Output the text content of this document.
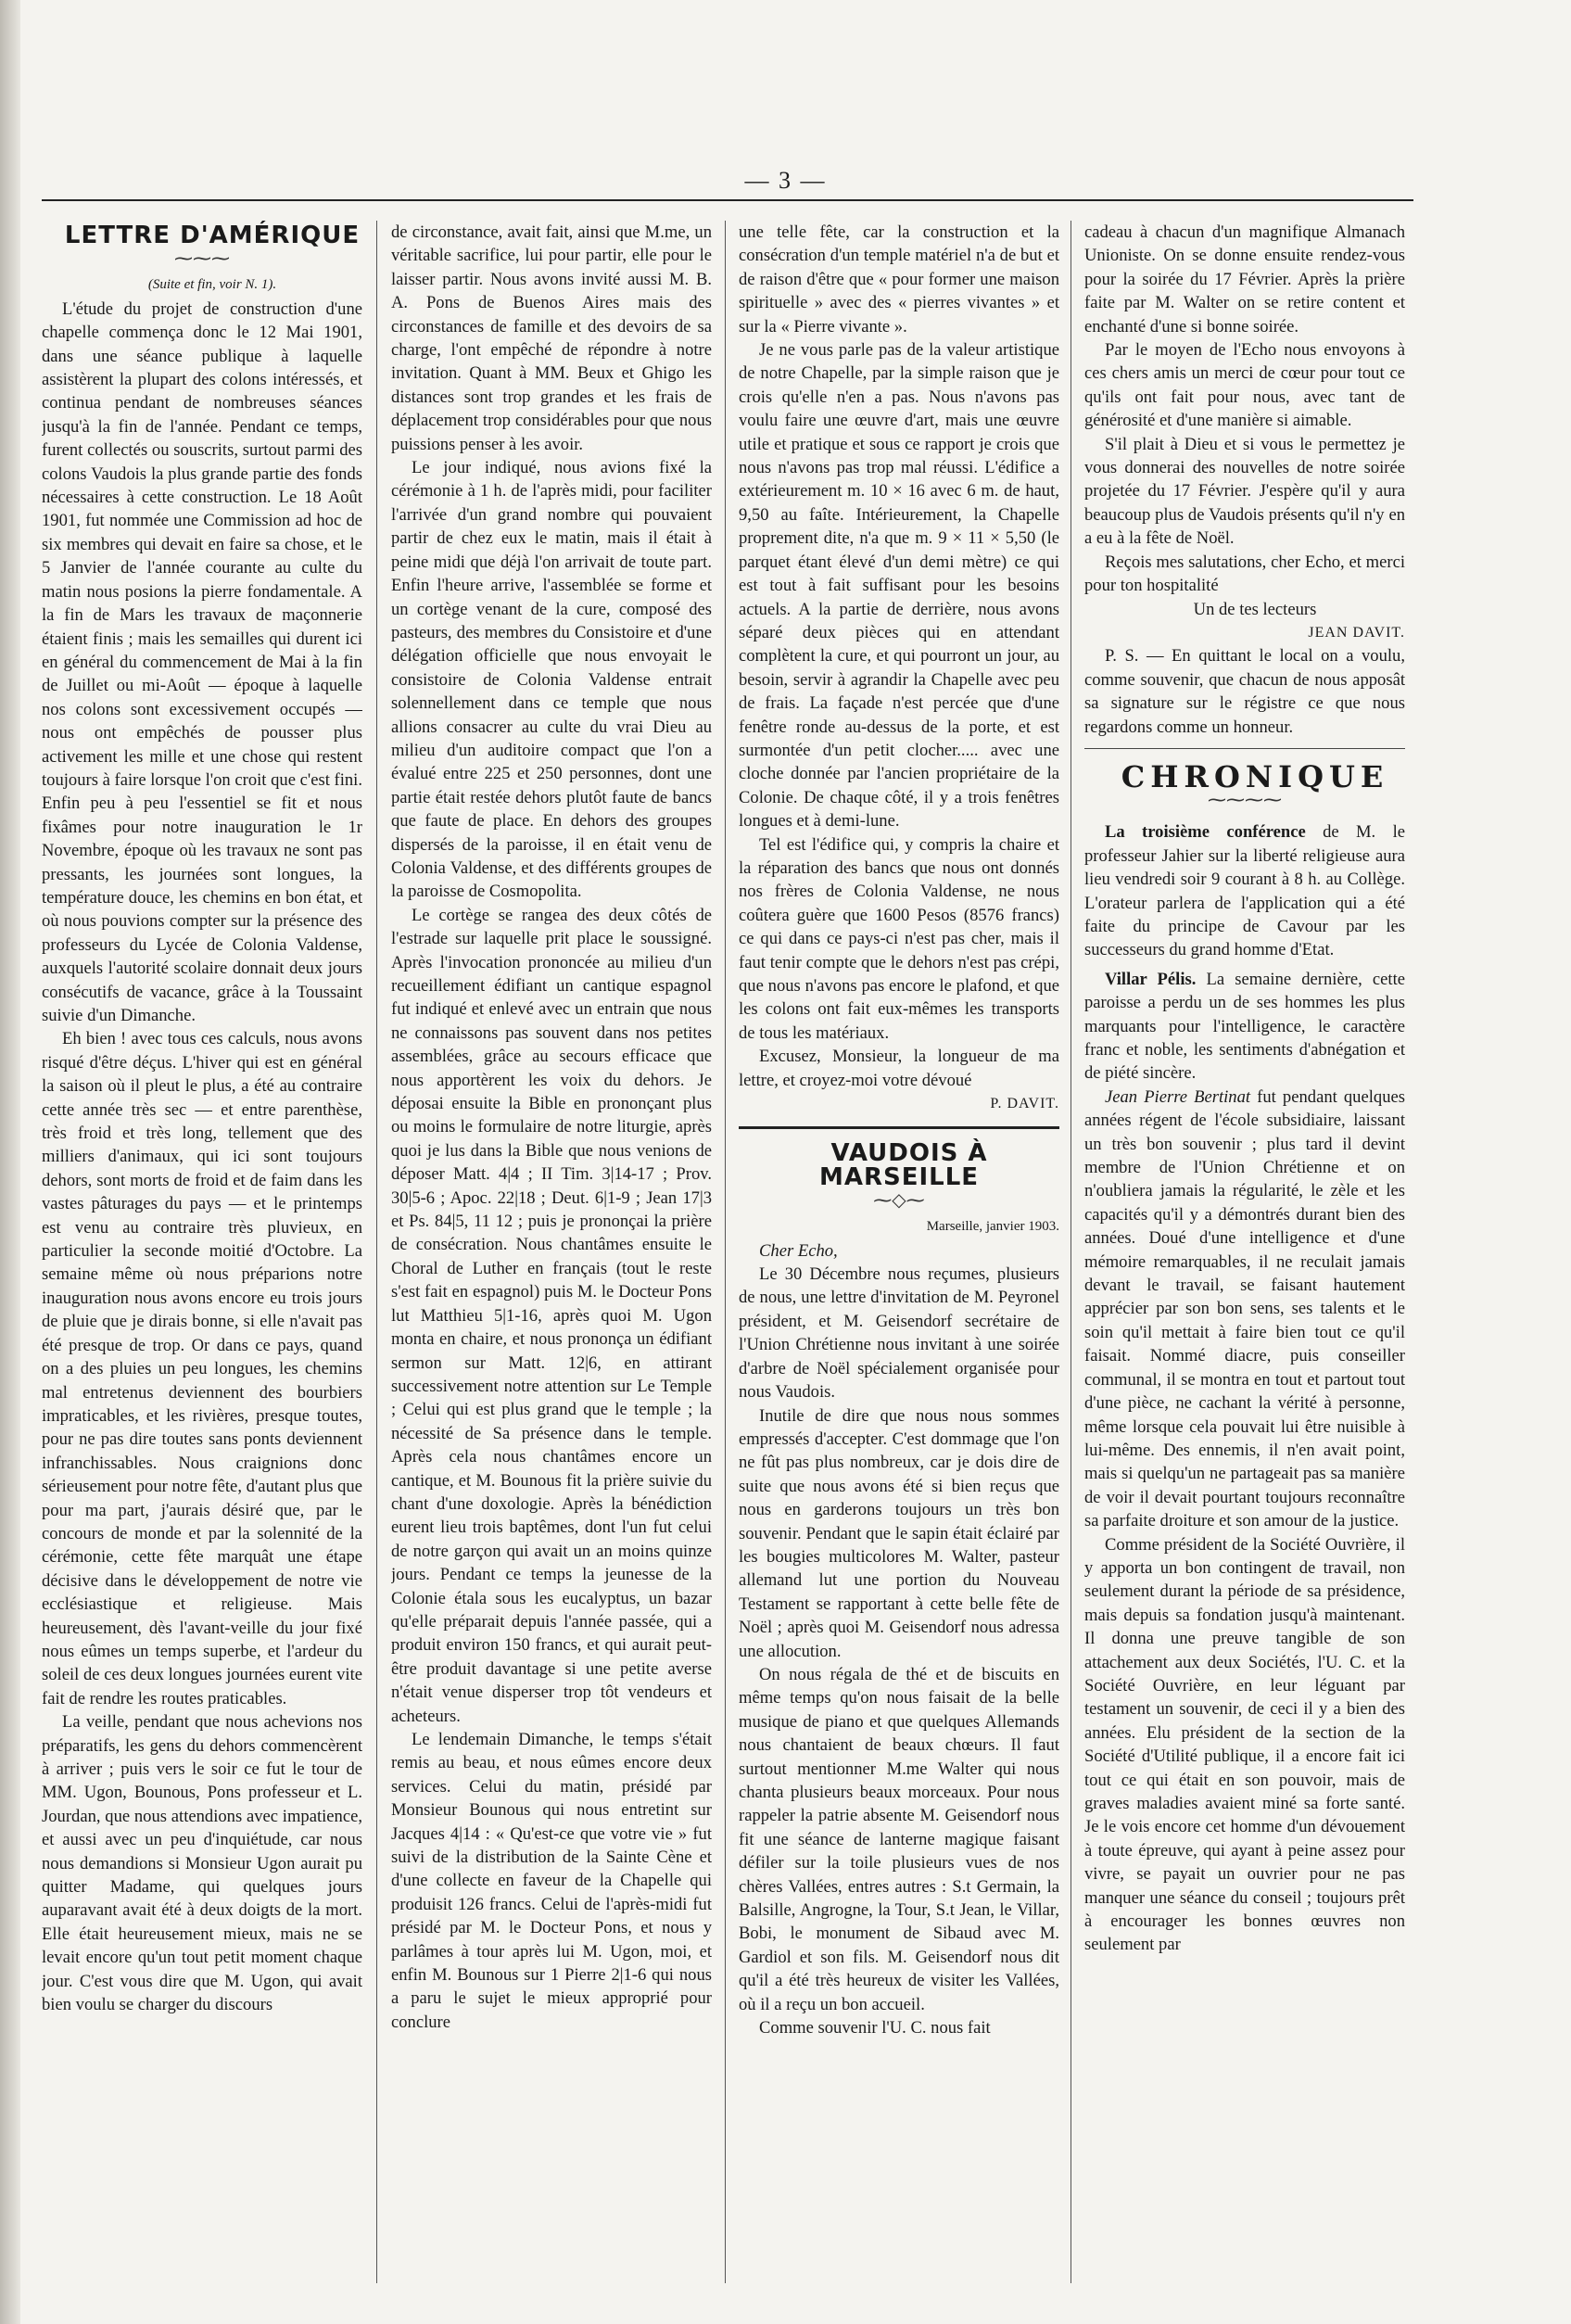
— 3 —

LETTRE D'AMÉRIQUE

⁓⁓⁓

(Suite et fin, voir N. 1).

L'étude du projet de construction d'une chapelle commença donc le 12 Mai 1901, dans une séance publique à laquelle assistèrent la plupart des colons intéressés, et continua pendant de nombreuses séances jusqu'à la fin de l'année. Pendant ce temps, furent collectés ou souscrits, surtout parmi des colons Vaudois la plus grande partie des fonds nécessaires à cette construction. Le 18 Août 1901, fut nommée une Commission ad hoc de six membres qui devait en faire sa chose, et le 5 Janvier de l'année courante au culte du matin nous posions la pierre fondamentale. A la fin de Mars les travaux de maçonnerie étaient finis ; mais les semailles qui durent ici en général du commencement de Mai à la fin de Juillet ou mi-Août — époque à laquelle nos colons sont excessivement occupés — nous ont empêchés de pousser plus activement les mille et une chose qui restent toujours à faire lorsque l'on croit que c'est fini. Enfin peu à peu l'essentiel se fit et nous fixâmes pour notre inauguration le 1r Novembre, époque où les travaux ne sont pas pressants, les journées sont longues, la température douce, les chemins en bon état, et où nous pouvions compter sur la présence des professeurs du Lycée de Colonia Valdense, auxquels l'autorité scolaire donnait deux jours consécutifs de vacance, grâce à la Toussaint suivie d'un Dimanche.

Eh bien ! avec tous ces calculs, nous avons risqué d'être déçus. L'hiver qui est en général la saison où il pleut le plus, a été au contraire cette année très sec — et entre parenthèse, très froid et très long, tellement que des milliers d'animaux, qui ici sont toujours dehors, sont morts de froid et de faim dans les vastes pâturages du pays — et le printemps est venu au contraire très pluvieux, en particulier la seconde moitié d'Octobre. La semaine même où nous préparions notre inauguration nous avons encore eu trois jours de pluie que je dirais bonne, si elle n'avait pas été presque de trop. Or dans ce pays, quand on a des pluies un peu longues, les chemins mal entretenus deviennent des bourbiers impraticables, et les rivières, presque toutes, pour ne pas dire toutes sans ponts deviennent infranchissables. Nous craignions donc sérieusement pour notre fête, d'autant plus que pour ma part, j'aurais désiré que, par le concours de monde et par la solennité de la cérémonie, cette fête marquât une étape décisive dans le développement de notre vie ecclésiastique et religieuse. Mais heureusement, dès l'avant-veille du jour fixé nous eûmes un temps superbe, et l'ardeur du soleil de ces deux longues journées eurent vite fait de rendre les routes praticables.

La veille, pendant que nous achevions nos préparatifs, les gens du dehors commencèrent à arriver ; puis vers le soir ce fut le tour de MM. Ugon, Bounous, Pons professeur et L. Jourdan, que nous attendions avec impatience, et aussi avec un peu d'inquiétude, car nous nous demandions si Monsieur Ugon aurait pu quitter Madame, qui quelques jours auparavant avait été à deux doigts de la mort. Elle était heureusement mieux, mais ne se levait encore qu'un tout petit moment chaque jour. C'est vous dire que M. Ugon, qui avait bien voulu se charger du discours

de circonstance, avait fait, ainsi que M.me, un véritable sacrifice, lui pour partir, elle pour le laisser partir. Nous avons invité aussi M. B. A. Pons de Buenos Aires mais des circonstances de famille et des devoirs de sa charge, l'ont empêché de répondre à notre invitation. Quant à MM. Beux et Ghigo les distances sont trop grandes et les frais de déplacement trop considérables pour que nous puissions penser à les avoir.

Le jour indiqué, nous avions fixé la cérémonie à 1 h. de l'après midi, pour faciliter l'arrivée d'un grand nombre qui pouvaient partir de chez eux le matin, mais il était à peine midi que déjà l'on arrivait de toute part. Enfin l'heure arrive, l'assemblée se forme et un cortège venant de la cure, composé des pasteurs, des membres du Consistoire et d'une délégation officielle que nous envoyait le consistoire de Colonia Valdense entrait solennellement dans ce temple que nous allions consacrer au culte du vrai Dieu au milieu d'un auditoire compact que l'on a évalué entre 225 et 250 personnes, dont une partie était restée dehors plutôt faute de bancs que faute de place. En dehors des groupes dispersés de la paroisse, il en était venu de Colonia Valdense, et des différents groupes de la paroisse de Cosmopolita.

Le cortège se rangea des deux côtés de l'estrade sur laquelle prit place le soussigné. Après l'invocation prononcée au milieu d'un recueillement édifiant un cantique espagnol fut indiqué et enlevé avec un entrain que nous ne connaissons pas souvent dans nos petites assemblées, grâce au secours efficace que nous apportèrent les voix du dehors. Je déposai ensuite la Bible en prononçant plus ou moins le formulaire de notre liturgie, après quoi je lus dans la Bible que nous venions de déposer Matt. 4|4 ; II Tim. 3|14-17 ; Prov. 30|5-6 ; Apoc. 22|18 ; Deut. 6|1-9 ; Jean 17|3 et Ps. 84|5, 11 12 ; puis je prononçai la prière de consécration. Nous chantâmes ensuite le Choral de Luther en français (tout le reste s'est fait en espagnol) puis M. le Docteur Pons lut Matthieu 5|1-16, après quoi M. Ugon monta en chaire, et nous prononça un édifiant sermon sur Matt. 12|6, en attirant successivement notre attention sur Le Temple ; Celui qui est plus grand que le temple ; la nécessité de Sa présence dans le temple. Après cela nous chantâmes encore un cantique, et M. Bounous fit la prière suivie du chant d'une doxologie. Après la bénédiction eurent lieu trois baptêmes, dont l'un fut celui de notre garçon qui avait un an moins quinze jours. Pendant ce temps la jeunesse de la Colonie étala sous les eucalyptus, un bazar qu'elle préparait depuis l'année passée, qui a produit environ 150 francs, et qui aurait peut-être produit davantage si une petite averse n'était venue disperser trop tôt vendeurs et acheteurs.

Le lendemain Dimanche, le temps s'était remis au beau, et nous eûmes encore deux services. Celui du matin, présidé par Monsieur Bounous qui nous entretint sur Jacques 4|14 : « Qu'est-ce que votre vie » fut suivi de la distribution de la Sainte Cène et d'une collecte en faveur de la Chapelle qui produisit 126 francs. Celui de l'après-midi fut présidé par M. le Docteur Pons, et nous y parlâmes à tour après lui M. Ugon, moi, et enfin M. Bounous sur 1 Pierre 2|1-6 qui nous a paru le sujet le mieux approprié pour conclure

une telle fête, car la construction et la consécration d'un temple matériel n'a de but et de raison d'être que « pour former une maison spirituelle » avec des « pierres vivantes » et sur la « Pierre vivante ».

Je ne vous parle pas de la valeur artistique de notre Chapelle, par la simple raison que je crois qu'elle n'en a pas. Nous n'avons pas voulu faire une œuvre d'art, mais une œuvre utile et pratique et sous ce rapport je crois que nous n'avons pas trop mal réussi. L'édifice a extérieurement m. 10 × 16 avec 6 m. de haut, 9,50 au faîte. Intérieurement, la Chapelle proprement dite, n'a que m. 9 × 11 × 5,50 (le parquet étant élevé d'un demi mètre) ce qui est tout à fait suffisant pour les besoins actuels. A la partie de derrière, nous avons séparé deux pièces qui en attendant complètent la cure, et qui pourront un jour, au besoin, servir à agrandir la Chapelle avec peu de frais. La façade n'est percée que d'une fenêtre ronde au-dessus de la porte, et est surmontée d'un petit clocher..... avec une cloche donnée par l'ancien propriétaire de la Colonie. De chaque côté, il y a trois fenêtres longues et à demi-lune.

Tel est l'édifice qui, y compris la chaire et la réparation des bancs que nous ont donnés nos frères de Colonia Valdense, ne nous coûtera guère que 1600 Pesos (8576 francs) ce qui dans ce pays-ci n'est pas cher, mais il faut tenir compte que le dehors n'est pas crépi, que nous n'avons pas encore le plafond, et que les colons ont fait eux-mêmes les transports de tous les matériaux.

Excusez, Monsieur, la longueur de ma lettre, et croyez-moi votre dévoué

P. DAVIT.

VAUDOIS À MARSEILLE

⁓◇⁓

Marseille, janvier 1903.

Cher Echo,

Le 30 Décembre nous reçumes, plusieurs de nous, une lettre d'invitation de M. Peyronel président, et M. Geisendorf secrétaire de l'Union Chrétienne nous invitant à une soirée d'arbre de Noël spécialement organisée pour nous Vaudois.

Inutile de dire que nous nous sommes empressés d'accepter. C'est dommage que l'on ne fût pas plus nombreux, car je dois dire de suite que nous avons été si bien reçus que nous en garderons toujours un très bon souvenir. Pendant que le sapin était éclairé par les bougies multicolores M. Walter, pasteur allemand lut une portion du Nouveau Testament se rapportant à cette belle fête de Noël ; après quoi M. Geisendorf nous adressa une allocution.

On nous régala de thé et de biscuits en même temps qu'on nous faisait de la belle musique de piano et que quelques Allemands nous chantaient de beaux chœurs. Il faut surtout mentionner M.me Walter qui nous chanta plusieurs beaux morceaux. Pour nous rappeler la patrie absente M. Geisendorf nous fit une séance de lanterne magique faisant défiler sur la toile plusieurs vues de nos chères Vallées, entres autres : S.t Germain, la Balsille, Angrogne, la Tour, S.t Jean, le Villar, Bobi, le monument de Sibaud avec M. Gardiol et son fils. M. Geisendorf nous dit qu'il a été très heureux de visiter les Vallées, où il a reçu un bon accueil.

Comme souvenir l'U. C. nous fait

cadeau à chacun d'un magnifique Almanach Unioniste. On se donne ensuite rendez-vous pour la soirée du 17 Février. Après la prière faite par M. Walter on se retire content et enchanté d'une si bonne soirée.

Par le moyen de l'Echo nous envoyons à ces chers amis un merci de cœur pour tout ce qu'ils ont fait pour nous, avec tant de générosité et d'une manière si aimable.

S'il plait à Dieu et si vous le permettez je vous donnerai des nouvelles de notre soirée projetée du 17 Février. J'espère qu'il y aura beaucoup plus de Vaudois présents qu'il n'y en a eu à la fête de Noël.

Reçois mes salutations, cher Echo, et merci pour ton hospitalité

Un de tes lecteurs

JEAN DAVIT.

P. S. — En quittant le local on a voulu, comme souvenir, que chacun de nous apposât sa signature sur le régistre ce que nous regardons comme un honneur.

CHRONIQUE

⁓⁓⁓⁓

La troisième conférence de M. le professeur Jahier sur la liberté religieuse aura lieu vendredi soir 9 courant à 8 h. au Collège. L'orateur parlera de l'application qui a été faite du principe de Cavour par les successeurs du grand homme d'Etat.

Villar Pélis. La semaine dernière, cette paroisse a perdu un de ses hommes les plus marquants pour l'intelligence, le caractère franc et noble, les sentiments d'abnégation et de piété sincère.

Jean Pierre Bertinat fut pendant quelques années régent de l'école subsidiaire, laissant un très bon souvenir ; plus tard il devint membre de l'Union Chrétienne et on n'oubliera jamais la régularité, le zèle et les capacités qu'il y a démontrés durant bien des années. Doué d'une intelligence et d'une mémoire remarquables, il ne reculait jamais devant le travail, se faisant hautement apprécier par son bon sens, ses talents et le soin qu'il mettait à faire bien tout ce qu'il faisait. Nommé diacre, puis conseiller communal, il se montra en tout et partout tout d'une pièce, ne cachant la vérité à personne, même lorsque cela pouvait lui être nuisible à lui-même. Des ennemis, il n'en avait point, mais si quelqu'un ne partageait pas sa manière de voir il devait pourtant toujours reconnaître sa parfaite droiture et son amour de la justice.

Comme président de la Société Ouvrière, il y apporta un bon contingent de travail, non seulement durant la période de sa présidence, mais depuis sa fondation jusqu'à maintenant. Il donna une preuve tangible de son attachement aux deux Sociétés, l'U. C. et la Société Ouvrière, en leur léguant par testament un souvenir, de ceci il y a bien des années. Elu président de la section de la Société d'Utilité publique, il a encore fait ici tout ce qui était en son pouvoir, mais de graves maladies avaient miné sa forte santé. Je le vois encore cet homme d'un dévouement à toute épreuve, qui ayant à peine assez pour vivre, se payait un ouvrier pour ne pas manquer une séance du conseil ; toujours prêt à encourager les bonnes œuvres non seulement par
